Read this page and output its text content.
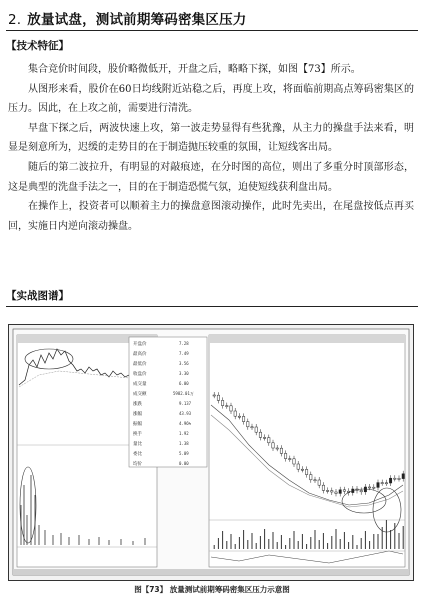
2. 放量试盘，测试前期筹码密集区压力
【技术特征】

集合竞价时间段，股价略微低开，开盘之后，略略下探，如图【73】所示。

从图形来看，股价在60日均线附近站稳之后，再度上攻，将面临前期高点筹码密集区的压力。因此，在上攻之前，需要进行清洗。

早盘下探之后，两波快速上攻，第一波走势显得有些犹豫，从主力的操盘手法来看，明显是刻意所为，迟缓的走势目的在于制造抛压较重的氛围，让短线客出局。

随后的第二波拉升，有明显的对敲痕迹，在分时图的高位，则出了多重分时顶部形态，这是典型的洗盘手法之一，目的在于制造恐慌气氛，迫使短线获利盘出局。

在操作上，投资者可以顺着主力的操盘意图滚动操作，此时先卖出，在尾盘按低点再买回，实施日内逆向滚动操盘。

【实战图谱】
开盘价
最高价
最低价
收盘价
成交量
成交额
涨跌
涨幅
振幅
换手
量比
委比
均价
7.28
7.49
3.56
3.30
6.00
5982.01万
9.137
43.93
4.96%
1.92
1.38
5.09
0.00
图【73】 放量测试前期筹码密集区压力示意图
